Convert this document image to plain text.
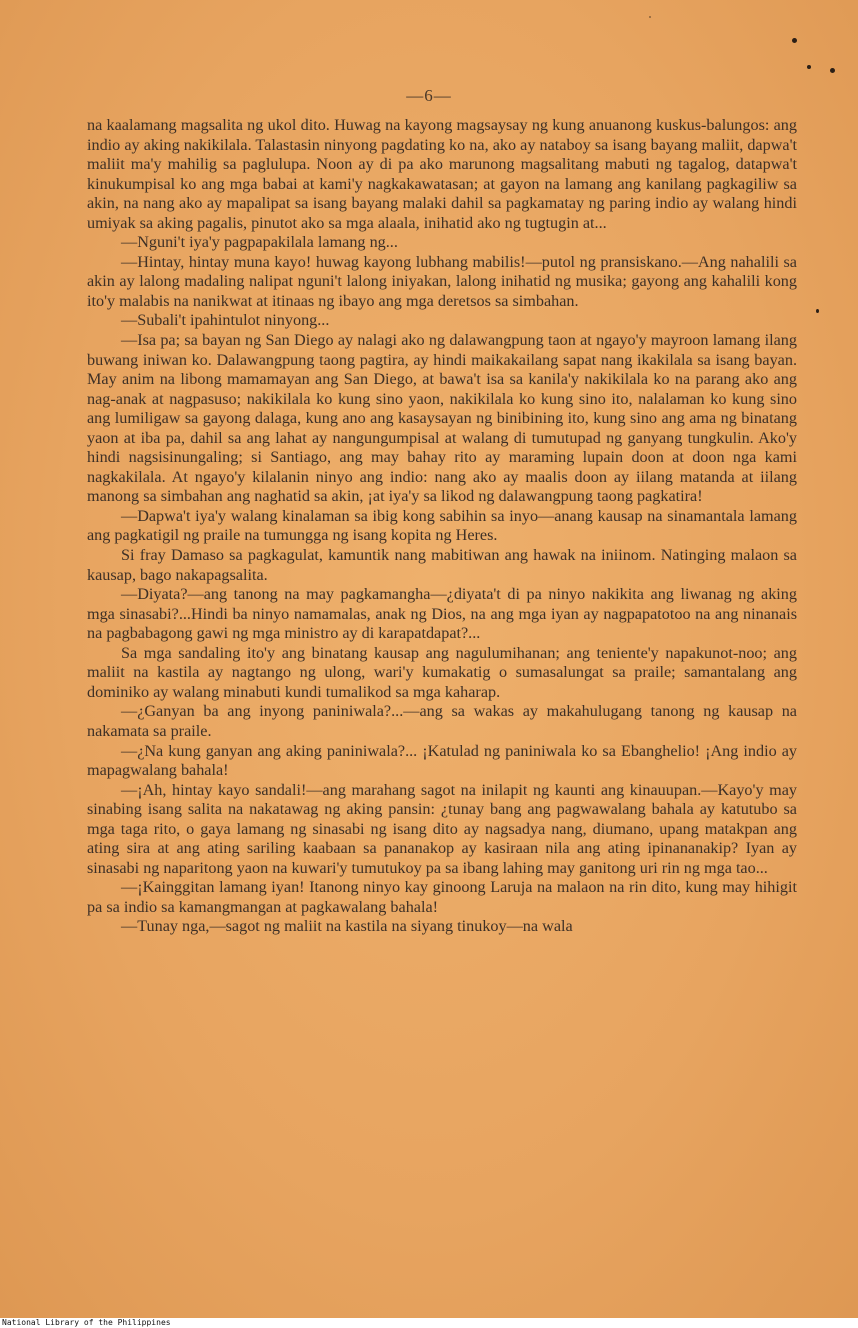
—6—

na kaalamang magsalita ng ukol dito. Huwag na kayong magsaysay ng kung anuanong kuskus-balungos: ang indio ay aking nakikilala. Talastasin ninyong pagdating ko na, ako ay nataboy sa isang bayang maliit, dapwa't maliit ma'y mahilig sa paglulupa. Noon ay di pa ako marunong magsalitang mabuti ng tagalog, datapwa't kinukumpisal ko ang mga babai at kami'y nagkakawatasan; at gayon na lamang ang kanilang pagkagiliw sa akin, na nang ako ay mapalipat sa isang bayang malaki dahil sa pagkamatay ng paring indio ay walang hindi umiyak sa aking pagalis, pinutot ako sa mga alaala, inihatid ako ng tugtugin at...

—Nguni't iya'y pagpapakilala lamang ng...

—Hintay, hintay muna kayo! huwag kayong lubhang mabilis!—putol ng pransiskano.—Ang nahalili sa akin ay lalong madaling nalipat nguni't lalong iniyakan, lalong inihatid ng musika; gayong ang kahalili kong ito'y malabis na nanikwat at itinaas ng ibayo ang mga deretsos sa simbahan.

—Subali't ipahintulot ninyong...

—Isa pa; sa bayan ng San Diego ay nalagi ako ng dalawangpung taon at ngayo'y mayroon lamang ilang buwang iniwan ko. Dalawangpung taong pagtira, ay hindi maikakailang sapat nang ikakilala sa isang bayan. May anim na libong mamamayan ang San Diego, at bawa't isa sa kanila'y nakikilala ko na parang ako ang nag-anak at nagpasuso; nakikilala ko kung sino yaon, nakikilala ko kung sino ito, nalalaman ko kung sino ang lumiligaw sa gayong dalaga, kung ano ang kasaysayan ng binibining ito, kung sino ang ama ng binatang yaon at iba pa, dahil sa ang lahat ay nangungumpisal at walang di tumutupad ng ganyang tungkulin. Ako'y hindi nagsisinungaling; si Santiago, ang may bahay rito ay maraming lupain doon at doon nga kami nagkakilala. At ngayo'y kilalanin ninyo ang indio: nang ako ay maalis doon ay iilang matanda at iilang manong sa simbahan ang naghatid sa akin, ¡at iya'y sa likod ng dalawangpung taong pagkatira!

—Dapwa't iya'y walang kinalaman sa ibig kong sabihin sa inyo—anang kausap na sinamantala lamang ang pagkatigil ng praile na tumungga ng isang kopita ng Heres.

Si fray Damaso sa pagkagulat, kamuntik nang mabitiwan ang hawak na iniinom. Natinging malaon sa kausap, bago nakapagsalita.

—Diyata?—ang tanong na may pagkamangha—¿diyata't di pa ninyo nakikita ang liwanag ng aking mga sinasabi?...Hindi ba ninyo namamalas, anak ng Dios, na ang mga iyan ay nagpapatotoo na ang ninanais na pagbabagong gawi ng mga ministro ay di karapatdapat?...

Sa mga sandaling ito'y ang binatang kausap ang nagulumihanan; ang teniente'y napakunot-noo; ang maliit na kastila ay nagtango ng ulong, wari'y kumakatig o sumasalungat sa praile; samantalang ang dominiko ay walang minabuti kundi tumalikod sa mga kaharap.

—¿Ganyan ba ang inyong paniniwala?...—ang sa wakas ay makahulugang tanong ng kausap na nakamata sa praile.

—¿Na kung ganyan ang aking paniniwala?... ¡Katulad ng paniniwala ko sa Ebanghelio! ¡Ang indio ay mapagwalang bahala!

—¡Ah, hintay kayo sandali!—ang marahang sagot na inilapit ng kaunti ang kinauupan.—Kayo'y may sinabing isang salita na nakatawag ng aking pansin: ¿tunay bang ang pagwawalang bahala ay katutubo sa mga taga rito, o gaya lamang ng sinasabi ng isang dito ay nagsadya nang, diumano, upang matakpan ang ating sira at ang ating sariling kaabaan sa pananakop ay kasiraan nila ang ating ipinananakip? Iyan ay sinasabi ng naparitong yaon na kuwari'y tumutukoy pa sa ibang lahing may ganitong uri rin ng mga tao...

—¡Kainggitan lamang iyan! Itanong ninyo kay ginoong Laruja na malaon na rin dito, kung may hihigit pa sa indio sa kamangmangan at pagkawalang bahala!

—Tunay nga,—sagot ng maliit na kastila na siyang tinukoy—na wala

National Library of the Philippines
